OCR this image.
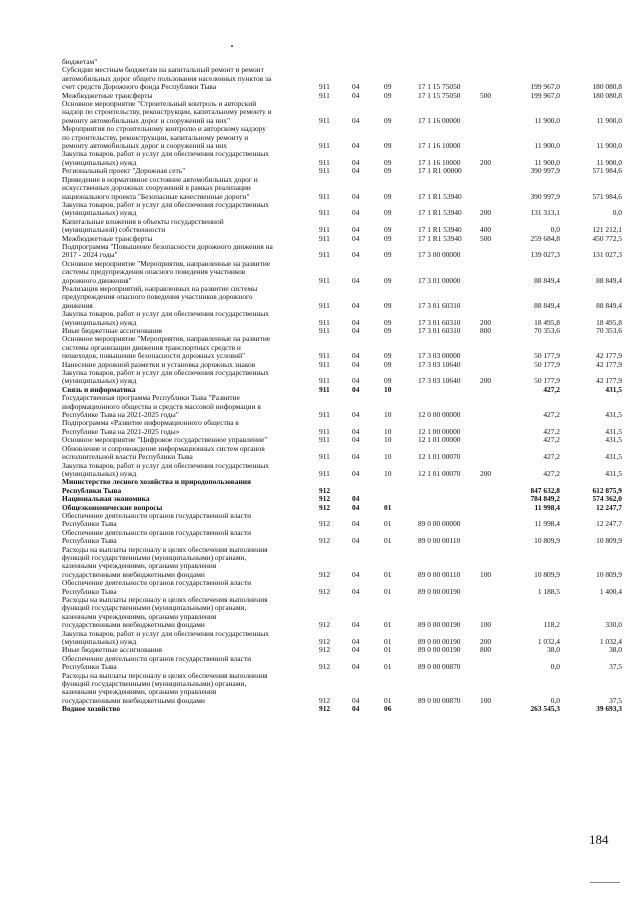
бюджетам"
Субсидии местным бюджетам на капитальный ремонт и ремонт
автомобильных дорог общего пользования населенных пунктов за
счет средств Дорожного фонда Республики Тыва	911	04	09	17 1 15 75050	199 967,0	180 080,8
Межбюджетные трансферты	911	04	09	17 1 15 75050	500	199 967,0	180 080,8
Основное мероприятие "Строительный контроль и авторский
надзор по строительству, реконструкции, капитальному ремонту и
ремонту автомобильных дорог и сооружений на них"	911	04	09	17 1 16 00000	11 900,0	11 900,0
Мероприятия по строительному контролю и авторскому надзору
по строительству, реконструкции, капитальному ремонту и
ремонту автомобильных дорог и сооружений на них	911	04	09	17 1 16 10000	11 900,0	11 900,0
Закупка товаров, работ и услуг для обеспечения государственных
(муниципальных) нужд	911	04	09	17 1 16 10000	200	11 900,0	11 900,0
Региональный проект "Дорожная сеть"	911	04	09	17 1 R1 00000	390 997,9	571 984,6
Приведение в нормативное состояние автомобильных дорог и
искусственных дорожных сооружений в рамках реализации
национального проекта "Безопасные качественные дороги"	911	04	09	17 1 R1 53940	390 997,9	571 984,6
Закупка товаров, работ и услуг для обеспечения государственных
(муниципальных) нужд	911	04	09	17 1 R1 53940 200	131 313,1	0,0
Капитальные вложения в объекты государственной
(муниципальной) собственности	911	04	09	17 1 R1 53940 400	0,0	121 212,1
Межбюджетные трансферты	911	04	09	17 1 R1 53940 500	259 684,8	450 772,5
Подпрограмма "Повышение безопасности дорожного движения на
2017 - 2024 годы"	911	04	09	17 3 00 00000	139 027,3	131 027,3
Основное мероприятие "Мероприятия, направленные на развитие
системы предупреждения опасного поведения участников
дорожного движения"	911	04	09	17 3 01 00000	88 849,4	88 849,4
Реализация мероприятий, направленных на развитие системы
предупреждения опасного поведения участников дорожного
движения	911	04	09	17 3 01 60310	88 849,4	88 849,4
Закупка товаров, работ и услуг для обеспечения государственных
(муниципальных) нужд	911	04	09	17 3 01 60310	200	18 495,8	18 495,8
Иные бюджетные ассигнования	911	04	09	17 3 01 60310	800	70 353,6	70 353,6
Основное мероприятие "Мероприятия, направленные на развитие
системы организации движения транспортных средств и
пешеходов, повышение безопасности дорожных условий"	911	04	09	17 3 03 00000	50 177,9	42 177,9
Нанесение дорожной разметки и установка дорожных знаков	911	04	09	17 3 03 10640	50 177,9	42 177,9
Закупка товаров, работ и услуг для обеспечения государственных
(муниципальных) нужд	911	04	09	17 3 03 10640	200	50 177,9	42 177,9
Связь и информатика	911	04	10	427,2	431,5
Государственная программа Республики Тыва "Развитие
информационного общества и средств массовой информации в
Республике Тыва на 2021-2025 годы"	911	04	10	12 0 00 00000	427,2	431,5
Подпрограмма «Развитие информационного общества в
Республике Тыва на 2021-2025 годы»	911	04	10	12 1 00 00000	427,2	431,5
Основное мероприятие "Цифровое государственное управление"	911	04	10	12 1 01 00000	427,2	431,5
Обновление и сопровождение информационных систем органов
исполнительной власти Республики Тыва	911	04	10	12 1 01 00070	427,2	431,5
Закупка товаров, работ и услуг для обеспечения государственных
(муниципальных) нужд	911	04	10	12 1 01 00070	200	427,2	431,5
Министерство лесного хозяйства и природопользования
Республики Тыва	912	847 632,8	612 875,9
Национальная экономика	912	04	784 849,2	574 362,0
Общеэкономические вопросы	912	04	01	11 998,4	12 247,7
Обеспечение деятельности органов государственной власти
Республики Тыва	912	04	01	89 0 00 00000	11 998,4	12 247,7
Обеспечение деятельности органов государственной власти
Республики Тыва	912	04	01	89 0 00 00110	10 809,9	10 809,9
Расходы на выплаты персоналу в целях обеспечения выполнения
функций государственными (муниципальными) органами,
казенными учреждениями, органами управления
государственными внебюджетными фондами	912	04	01	89 0 00 00110	100	10 809,9	10 809,9
Обеспечение деятельности органов государственной власти
Республики Тыва	912	04	01	89 0 00 00190	1 188,5	1 400,4
Расходы на выплаты персоналу в целях обеспечения выполнения
функций государственными (муниципальными) органами,
казенными учреждениями, органами управления
государственными внебюджетными фондами	912	04	01	89 0 00 00190	100	118,2	330,0
Закупка товаров, работ и услуг для обеспечения государственных
(муниципальных) нужд	912	04	01	89 0 00 00190	200	1 032,4	1 032,4
Иные бюджетные ассигнования	912	04	01	89 0 00 00190	800	38,0	38,0
Обеспечение деятельности органов государственной власти
Республики Тыва	912	04	01	89 0 00 00870	0,0	37,5
Расходы на выплаты персоналу в целях обеспечения выполнения
функций государственными (муниципальными) органами,
казенными учреждениями, органами управления
государственными внебюджетными фондами	912	04	01	89 0 00 00870	100	0,0	37,5
Водное хозяйство	912	04	06	263 545,3	39 693,3
184
